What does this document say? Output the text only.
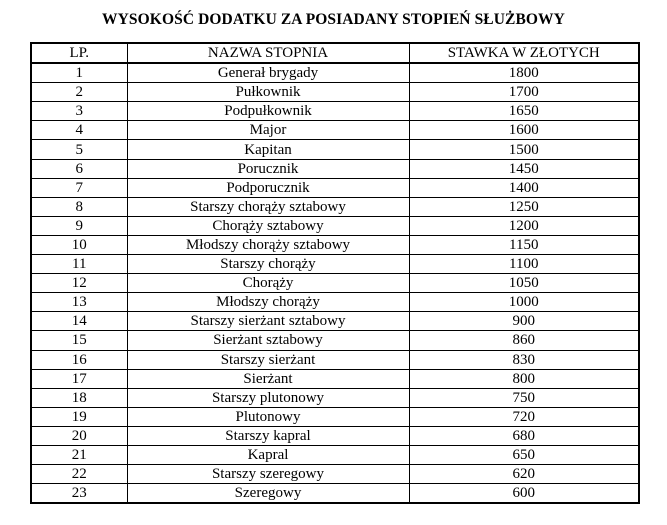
WYSOKOŚĆ DODATKU ZA POSIADANY STOPIEŃ SŁUŻBOWY
LP.	NAZWA STOPNIA	STAWKA W ZŁOTYCH
1	Generał brygady	1800
2	Pułkownik	1700
3	Podpułkownik	1650
4	Major	1600
5	Kapitan	1500
6	Porucznik	1450
7	Podporucznik	1400
8	Starszy chorąży sztabowy	1250
9	Chorąży sztabowy	1200
10	Młodszy chorąży sztabowy	1150
11	Starszy chorąży	1100
12	Chorąży	1050
13	Młodszy chorąży	1000
14	Starszy sierżant sztabowy	900
15	Sierżant sztabowy	860
16	Starszy sierżant	830
17	Sierżant	800
18	Starszy plutonowy	750
19	Plutonowy	720
20	Starszy kapral	680
21	Kapral	650
22	Starszy szeregowy	620
23	Szeregowy	600
